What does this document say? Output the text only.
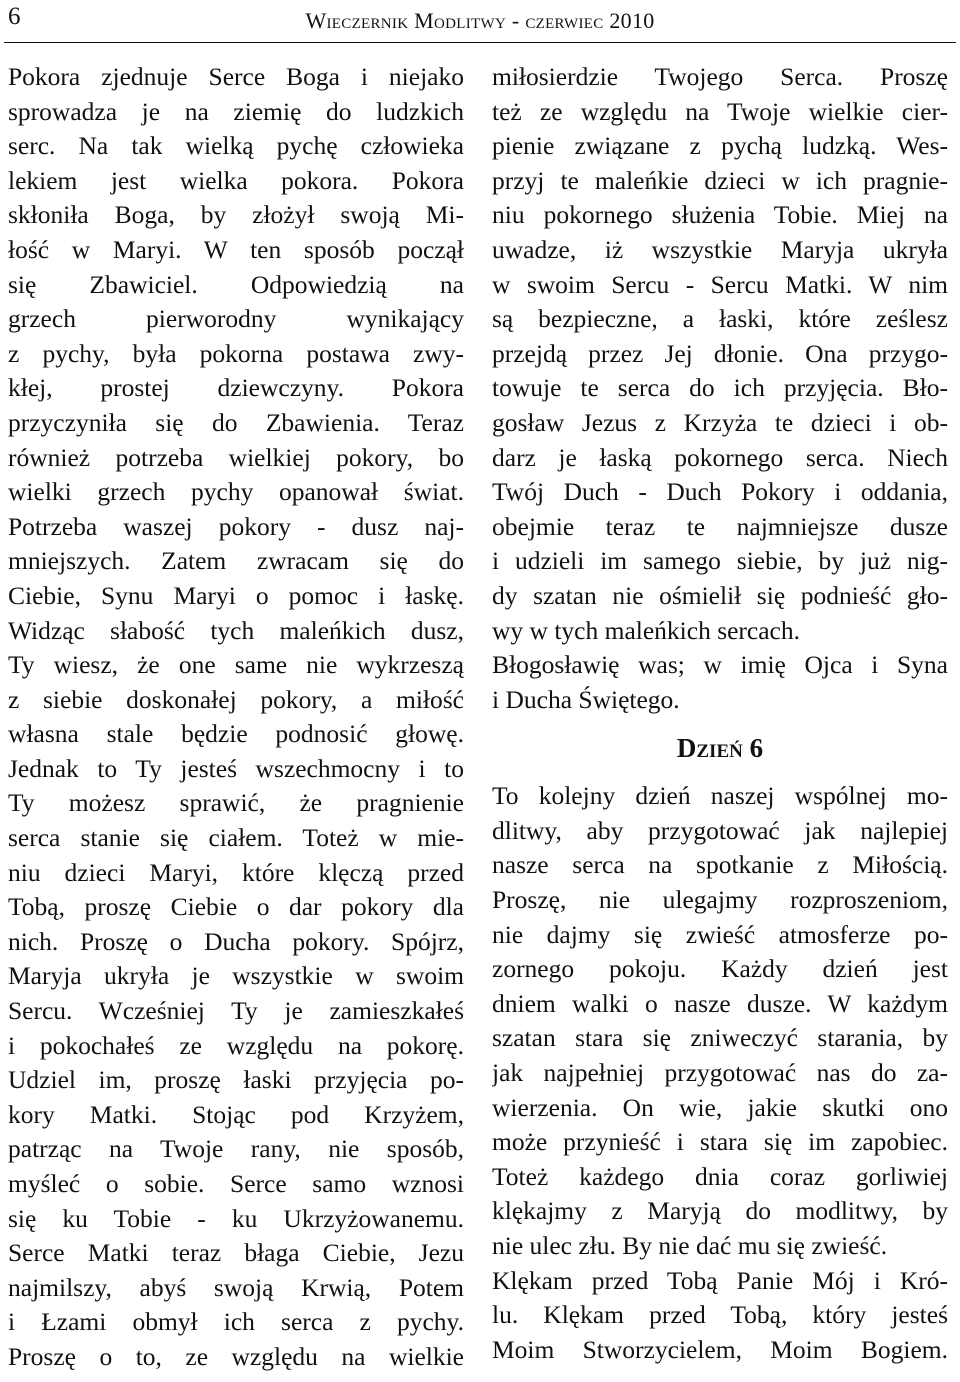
6	Wieczernik Modlitwy - czerwiec 2010
Pokora zjednuje Serce Boga i niejako
sprowadza je na ziemię do ludzkich
serc. Na tak wielką pychę człowieka
lekiem jest wielka pokora. Pokora
skłoniła Boga, by złożył swoją Mi-
łość w Maryi. W ten sposób począł
się Zbawiciel. Odpowiedzią na
grzech pierworodny wynikający
z pychy, była pokorna postawa zwy-
kłej, prostej dziewczyny. Pokora
przyczyniła się do Zbawienia. Teraz
również potrzeba wielkiej pokory, bo
wielki grzech pychy opanował świat.
Potrzeba waszej pokory - dusz naj-
mniejszych. Zatem zwracam się do
Ciebie, Synu Maryi o pomoc i łaskę.
Widząc słabość tych maleńkich dusz,
Ty wiesz, że one same nie wykrzeszą
z siebie doskonałej pokory, a miłość
własna stale będzie podnosić głowę.
Jednak to Ty jesteś wszechmocny i to
Ty możesz sprawić, że pragnienie
serca stanie się ciałem. Toteż w mie-
niu dzieci Maryi, które klęczą przed
Tobą, proszę Ciebie o dar pokory dla
nich. Proszę o Ducha pokory. Spójrz,
Maryja ukryła je wszystkie w swoim
Sercu. Wcześniej Ty je zamieszkałeś
i pokochałeś ze względu na pokorę.
Udziel im, proszę łaski przyjęcia po-
kory Matki. Stojąc pod Krzyżem,
patrząc na Twoje rany, nie sposób,
myśleć o sobie. Serce samo wznosi
się ku Tobie - ku Ukrzyżowanemu.
Serce Matki teraz błaga Ciebie, Jezu
najmilszy, abyś swoją Krwią, Potem
i Łzami obmył ich serca z pychy.
Proszę o to, ze względu na wielkie
miłosierdzie Twojego Serca. Proszę
też ze względu na Twoje wielkie cier-
pienie związane z pychą ludzką. Wes-
przyj te maleńkie dzieci w ich pragnie-
niu pokornego służenia Tobie. Miej na
uwadze, iż wszystkie Maryja ukryła
w swoim Sercu - Sercu Matki. W nim
są bezpieczne, a łaski, które ześlesz
przejdą przez Jej dłonie. Ona przygo-
towuje te serca do ich przyjęcia. Bło-
gosław Jezus z Krzyża te dzieci i ob-
darz je łaską pokornego serca. Niech
Twój Duch - Duch Pokory i oddania,
obejmie teraz te najmniejsze dusze
i udzieli im samego siebie, by już nig-
dy szatan nie ośmielił się podnieść gło-
wy w tych maleńkich sercach.
Błogosławię was; w imię Ojca i Syna
i Ducha Świętego.
Dzień 6
To kolejny dzień naszej wspólnej mo-
dlitwy, aby przygotować jak najlepiej
nasze serca na spotkanie z Miłością.
Proszę, nie ulegajmy rozproszeniom,
nie dajmy się zwieść atmosferze po-
zornego pokoju. Każdy dzień jest
dniem walki o nasze dusze. W każdym
szatan stara się zniweczyć starania, by
jak najpełniej przygotować nas do za-
wierzenia. On wie, jakie skutki ono
może przynieść i stara się im zapobiec.
Toteż każdego dnia coraz gorliwiej
klękajmy z Maryją do modlitwy, by
nie ulec złu. By nie dać mu się zwieść.
Klękam przed Tobą Panie Mój i Kró-
lu. Klękam przed Tobą, który jesteś
Moim Stworzycielem, Moim Bogiem.
